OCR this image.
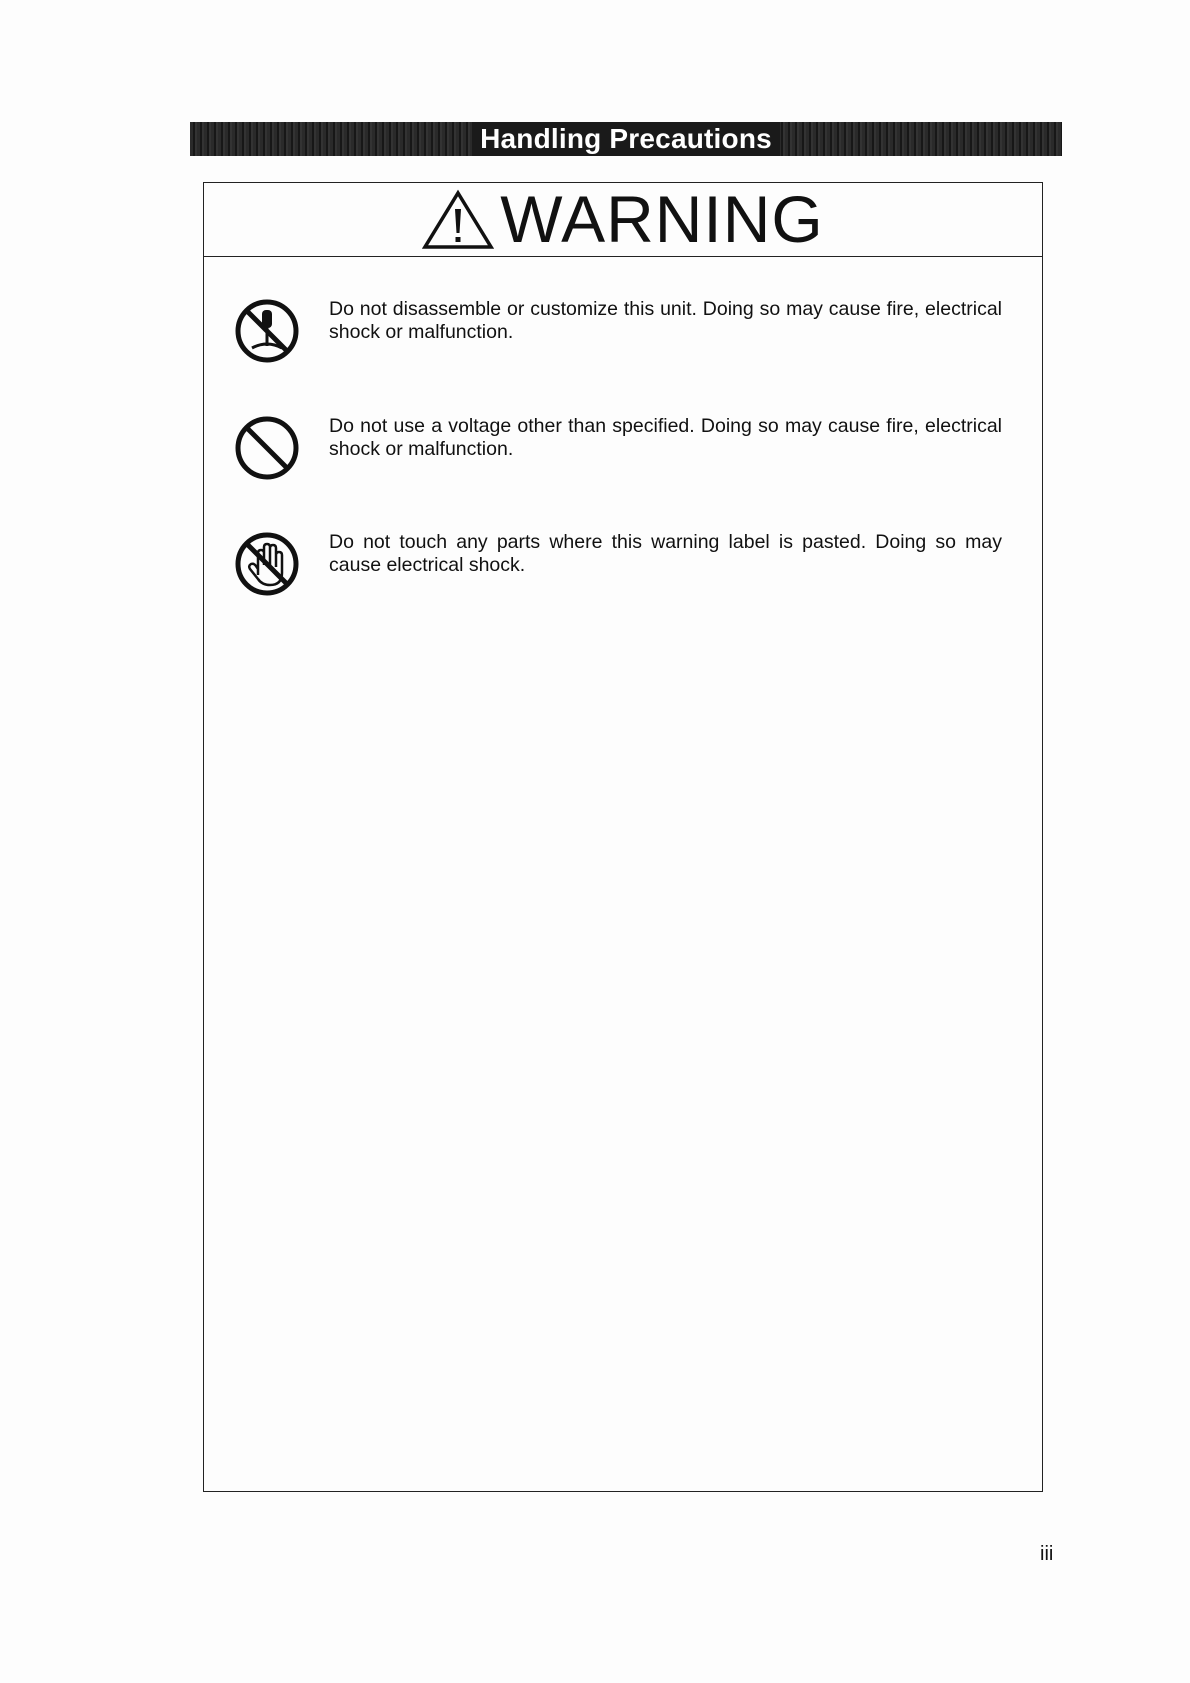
Handling Precautions
WARNING
Do not disassemble or customize this unit. Doing so may cause fire, electrical shock or malfunction.
Do not use a voltage other than specified. Doing so may cause fire, electrical shock or malfunction.
Do not touch any parts where this warning label is pasted. Doing so may cause electrical shock.
iii
